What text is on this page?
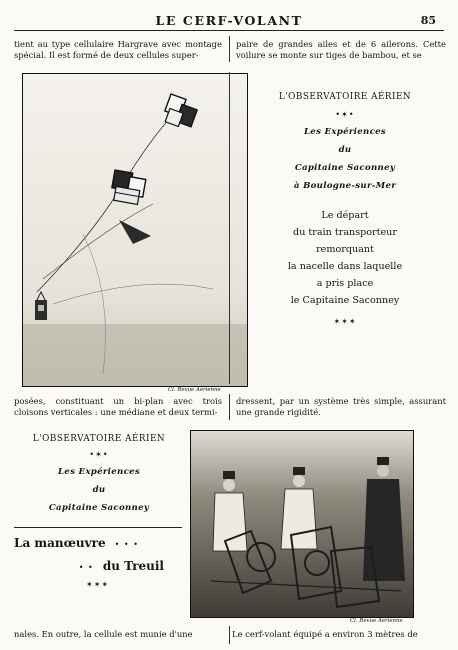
LE CERF-VOLANT	85
tient au type cellulaire Hargrave avec montage spécial. Il est formé de deux cellules super-
paire de grandes ailes et de 6 ailerons. Cette voilure se monte sur tiges de bambou, et se
Cl. Revue Aérienne
L'OBSERVATOIRE AÉRIEN
•✶•
Les Expériences
du
Capitaine Saconney
à Boulogne-sur-Mer
Le départ
du train transporteur
remorquant
la nacelle dans laquelle
a pris place
le Capitaine Saconney
✶✶✶
posées, constituant un bi-plan avec trois cloisons verticales : une médiane et deux termi-
dressent, par un système très simple, assurant une grande rigidité.
L'OBSERVATOIRE AÉRIEN
•✶•
Les Expériences
du
Capitaine Saconney
La manœuvre • • •
• • du Treuil
✶✶✶
Cl. Revue Aérienne
nales. En outre, la cellule est munie d'une	Le cerf-volant équipé a environ 3 mètres de
